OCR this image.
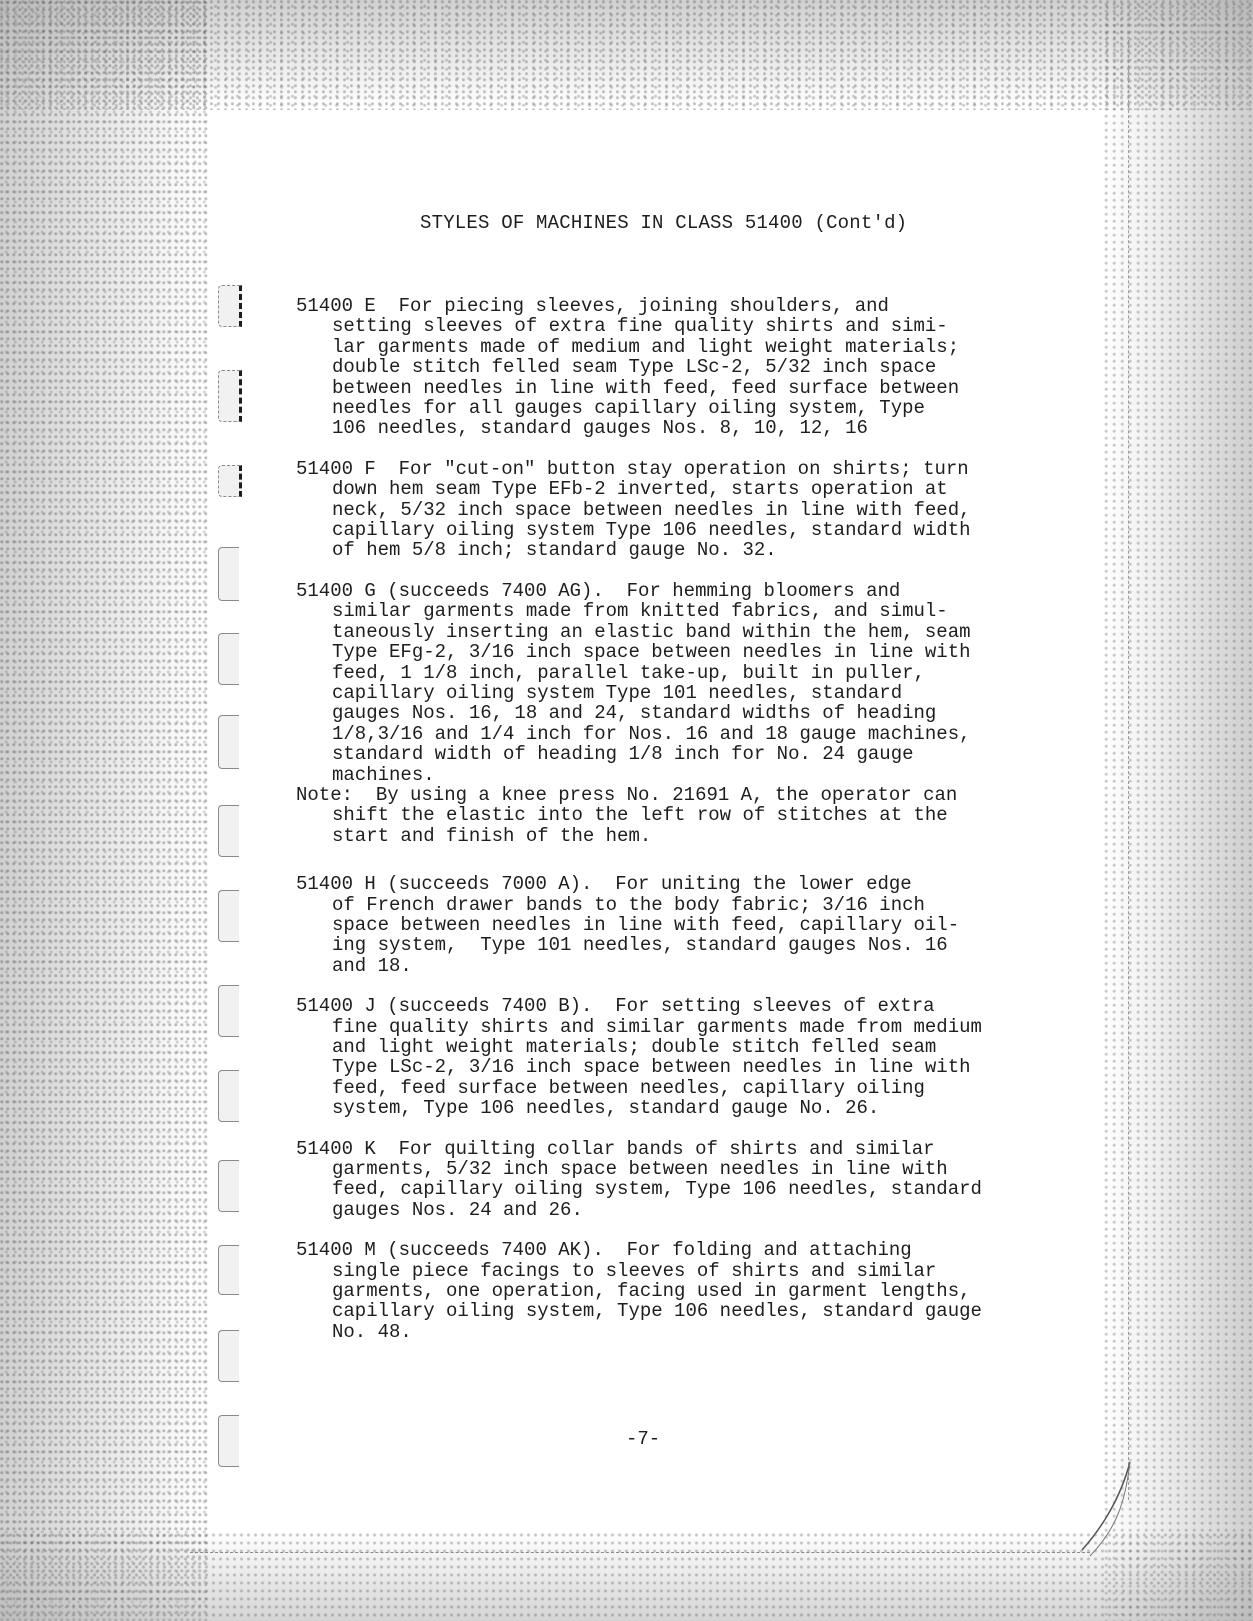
STYLES OF MACHINES IN CLASS 51400 (Cont'd)

51400 E  For piecing sleeves, joining shoulders, and

setting sleeves of extra fine quality shirts and simi-

lar garments made of medium and light weight materials;

double stitch felled seam Type LSc-2, 5/32 inch space

between needles in line with feed, feed surface between

needles for all gauges capillary oiling system, Type

106 needles, standard gauges Nos. 8, 10, 12, 16

51400 F  For "cut-on" button stay operation on shirts; turn

down hem seam Type EFb-2 inverted, starts operation at

neck, 5/32 inch space between needles in line with feed,

capillary oiling system Type 106 needles, standard width

of hem 5/8 inch; standard gauge No. 32.

51400 G (succeeds 7400 AG).  For hemming bloomers and

similar garments made from knitted fabrics, and simul-

taneously inserting an elastic band within the hem, seam

Type EFg-2, 3/16 inch space between needles in line with

feed, 1 1/8 inch, parallel take-up, built in puller,

capillary oiling system Type 101 needles, standard

gauges Nos. 16, 18 and 24, standard widths of heading

1/8,3/16 and 1/4 inch for Nos. 16 and 18 gauge machines,

standard width of heading 1/8 inch for No. 24 gauge

machines.

Note:  By using a knee press No. 21691 A, the operator can

shift the elastic into the left row of stitches at the

start and finish of the hem.

51400 H (succeeds 7000 A).  For uniting the lower edge

of French drawer bands to the body fabric; 3/16 inch

space between needles in line with feed, capillary oil-

ing system,  Type 101 needles, standard gauges Nos. 16

and 18.

51400 J (succeeds 7400 B).  For setting sleeves of extra

fine quality shirts and similar garments made from medium

and light weight materials; double stitch felled seam

Type LSc-2, 3/16 inch space between needles in line with

feed, feed surface between needles, capillary oiling

system, Type 106 needles, standard gauge No. 26.

51400 K  For quilting collar bands of shirts and similar

garments, 5/32 inch space between needles in line with

feed, capillary oiling system, Type 106 needles, standard

gauges Nos. 24 and 26.

51400 M (succeeds 7400 AK).  For folding and attaching

single piece facings to sleeves of shirts and similar

garments, one operation, facing used in garment lengths,

capillary oiling system, Type 106 needles, standard gauge

No. 48.

-7-
